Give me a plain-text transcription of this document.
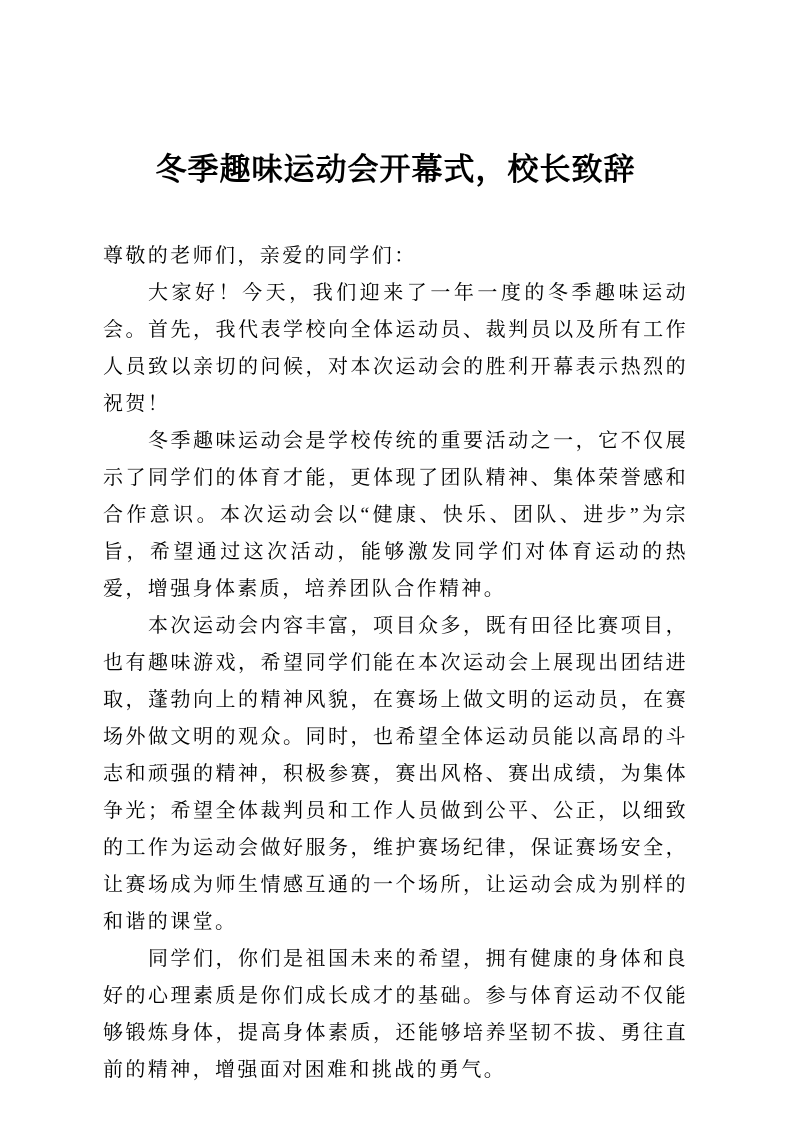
冬季趣味运动会开幕式，校长致辞

尊敬的老师们，亲爱的同学们：

大家好！今天，我们迎来了一年一度的冬季趣味运动会。首先，我代表学校向全体运动员、裁判员以及所有工作人员致以亲切的问候，对本次运动会的胜利开幕表示热烈的祝贺！

冬季趣味运动会是学校传统的重要活动之一，它不仅展示了同学们的体育才能，更体现了团队精神、集体荣誉感和合作意识。本次运动会以“健康、快乐、团队、进步”为宗旨，希望通过这次活动，能够激发同学们对体育运动的热爱，增强身体素质，培养团队合作精神。

本次运动会内容丰富，项目众多，既有田径比赛项目，也有趣味游戏，希望同学们能在本次运动会上展现出团结进取，蓬勃向上的精神风貌，在赛场上做文明的运动员，在赛场外做文明的观众。同时，也希望全体运动员能以高昂的斗志和顽强的精神，积极参赛，赛出风格、赛出成绩，为集体争光；希望全体裁判员和工作人员做到公平、公正，以细致的工作为运动会做好服务，维护赛场纪律，保证赛场安全，让赛场成为师生情感互通的一个场所，让运动会成为别样的和谐的课堂。

同学们，你们是祖国未来的希望，拥有健康的身体和良好的心理素质是你们成长成才的基础。参与体育运动不仅能够锻炼身体，提高身体素质，还能够培养坚韧不拔、勇往直前的精神，增强面对困难和挑战的勇气。
